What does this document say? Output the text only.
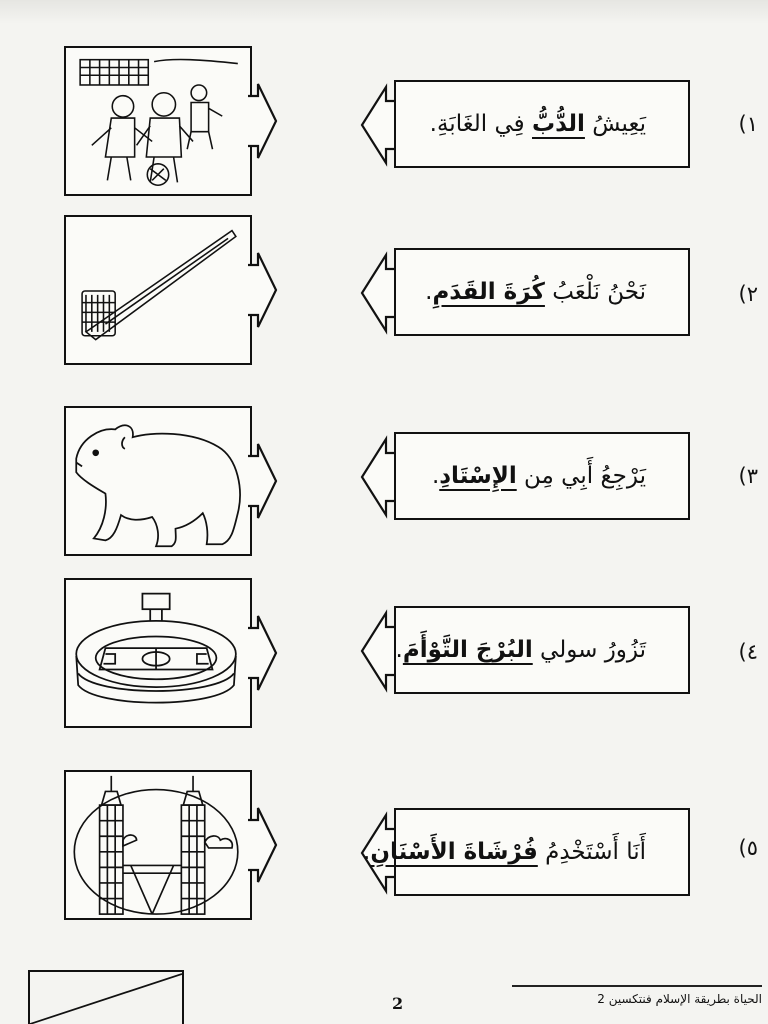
يَعِيشُ الدُّبُّ فِي الغَابَةِ.	١)
نَحْنُ نَلْعَبُ كُرَةَ القَدَمِ.	٢)
يَرْجِعُ أَبِي مِن الإِسْتَادِ.	٣)
تَزُورُ سولي البُرْجَ التَّوْأَمَ.	٤)
أَنَا أَسْتَخْدِمُ فُرْشَاةَ الأَسْنَانِ.	٥)
2	الحياة بطريقة الإسلام فنتكسين 2
